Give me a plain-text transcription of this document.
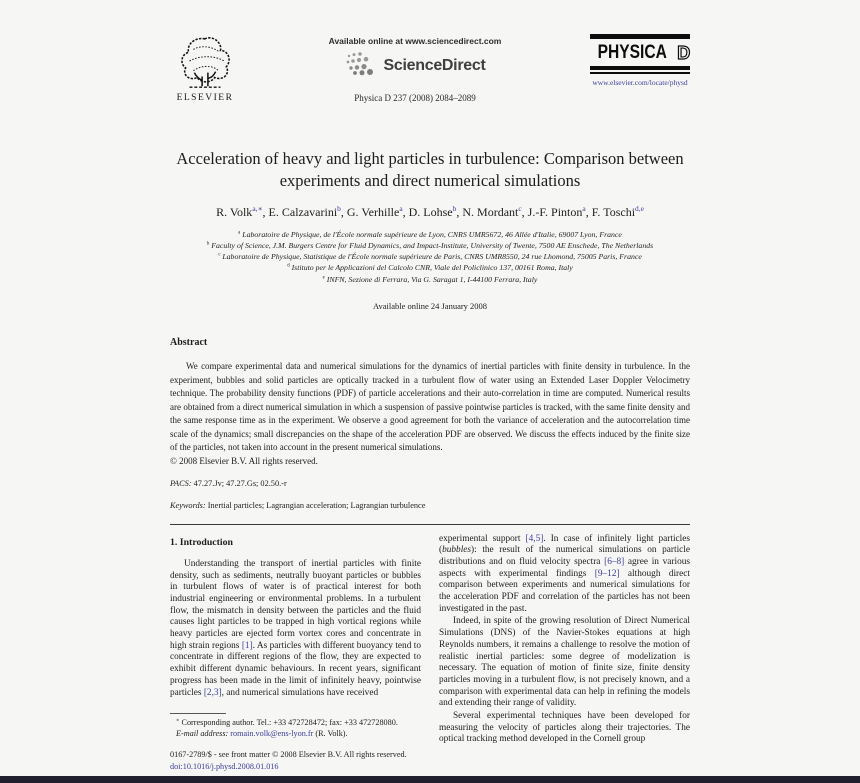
ELSEVIER
Available online at www.sciencedirect.com
ScienceDirect
Physica D 237 (2008) 2084–2089
PHYSICA D
www.elsevier.com/locate/physd
Acceleration of heavy and light particles in turbulence: Comparison between experiments and direct numerical simulations
R. Volk$^{a,∗}$, E. Calzavarini$^b$, G. Verhille$^a$, D. Lohse$^b$, N. Mordant$^c$, J.-F. Pinton$^a$, F. Toschi$^{d,e}$
$^a$ Laboratoire de Physique, de l'École normale supérieure de Lyon, CNRS UMR5672, 46 Allée d'Italie, 69007 Lyon, France
$^b$ Faculty of Science, J.M. Burgers Centre for Fluid Dynamics, and Impact-Institute, University of Twente, 7500 AE Enschede, The Netherlands
$^c$ Laboratoire de Physique, Statistique de l'École normale supérieure de Paris, CNRS UMR8550, 24 rue Lhomond, 75005 Paris, France
$^d$ Istituto per le Applicazioni del Calcolo CNR, Viale del Policlinico 137, 00161 Roma, Italy
$^e$ INFN, Sezione di Ferrara, Via G. Saragat 1, I-44100 Ferrara, Italy
Available online 24 January 2008
Abstract

We compare experimental data and numerical simulations for the dynamics of inertial particles with finite density in turbulence. In the experiment, bubbles and solid particles are optically tracked in a turbulent flow of water using an Extended Laser Doppler Velocimetry technique. The probability density functions (PDF) of particle accelerations and their auto-correlation in time are computed. Numerical results are obtained from a direct numerical simulation in which a suspension of passive pointwise particles is tracked, with the same finite density and the same response time as in the experiment. We observe a good agreement for both the variance of acceleration and the autocorrelation time scale of the dynamics; small discrepancies on the shape of the acceleration PDF are observed. We discuss the effects induced by the finite size of the particles, not taken into account in the present numerical simulations.

© 2008 Elsevier B.V. All rights reserved.
PACS: 47.27.Jv; 47.27.Gs; 02.50.-r
Keywords: Inertial particles; Lagrangian acceleration; Lagrangian turbulence
1. Introduction

Understanding the transport of inertial particles with finite density, such as sediments, neutrally buoyant particles or bubbles in turbulent flows of water is of practical interest for both industrial engineering or environmental problems. In a turbulent flow, the mismatch in density between the particles and the fluid causes light particles to be trapped in high vortical regions while heavy particles are ejected form vortex cores and concentrate in high strain regions [1]. As particles with different buoyancy tend to concentrate in different regions of the flow, they are expected to exhibit different dynamic behaviours. In recent years, significant progress has been made in the limit of infinitely heavy, pointwise particles [2,3], and numerical simulations have received

∗ Corresponding author. Tel.: +33 472728472; fax: +33 472728080.
E-mail address: romain.volk@ens-lyon.fr (R. Volk).
0167-2789/$ - see front matter © 2008 Elsevier B.V. All rights reserved.
doi:10.1016/j.physd.2008.01.016

experimental support [4,5]. In case of infinitely light particles (bubbles): the result of the numerical simulations on particle distributions and on fluid velocity spectra [6–8] agree in various aspects with experimental findings [9–12] although direct comparison between experiments and numerical simulations for the acceleration PDF and correlation of the particles has not been investigated in the past.

Indeed, in spite of the growing resolution of Direct Numerical Simulations (DNS) of the Navier-Stokes equations at high Reynolds numbers, it remains a challenge to resolve the motion of realistic inertial particles: some degree of modelization is necessary. The equation of motion of finite size, finite density particles moving in a turbulent flow, is not precisely known, and a comparison with experimental data can help in refining the models and extending their range of validity.

Several experimental techniques have been developed for measuring the velocity of particles along their trajectories. The optical tracking method developed in the Cornell group
